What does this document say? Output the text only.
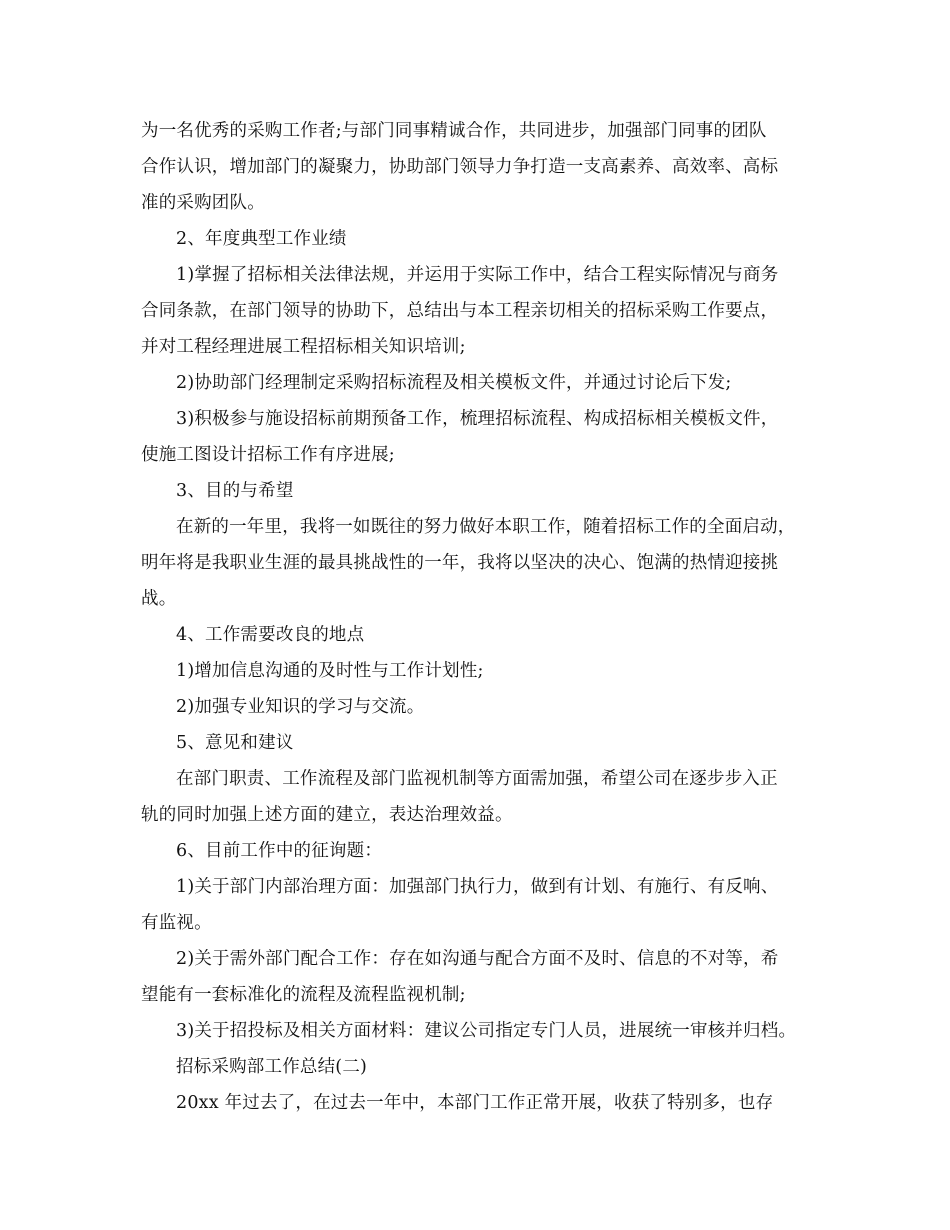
为一名优秀的采购工作者;与部门同事精诚合作，共同进步，加强部门同事的团队
合作认识，增加部门的凝聚力，协助部门领导力争打造一支高素养、高效率、高标
准的采购团队。
2、年度典型工作业绩
1)掌握了招标相关法律法规，并运用于实际工作中，结合工程实际情况与商务
合同条款，在部门领导的协助下，总结出与本工程亲切相关的招标采购工作要点，
并对工程经理进展工程招标相关知识培训;
2)协助部门经理制定采购招标流程及相关模板文件，并通过讨论后下发;
3)积极参与施设招标前期预备工作，梳理招标流程、构成招标相关模板文件，
使施工图设计招标工作有序进展;
3、目的与希望
在新的一年里，我将一如既往的努力做好本职工作，随着招标工作的全面启动，
明年将是我职业生涯的最具挑战性的一年，我将以坚决的决心、饱满的热情迎接挑
战。
4、工作需要改良的地点
1)增加信息沟通的及时性与工作计划性;
2)加强专业知识的学习与交流。
5、意见和建议
在部门职责、工作流程及部门监视机制等方面需加强，希望公司在逐步步入正
轨的同时加强上述方面的建立，表达治理效益。
6、目前工作中的征询题：
1)关于部门内部治理方面：加强部门执行力，做到有计划、有施行、有反响、
有监视。
2)关于需外部门配合工作：存在如沟通与配合方面不及时、信息的不对等，希
望能有一套标准化的流程及流程监视机制;
3)关于招投标及相关方面材料：建议公司指定专门人员，进展统一审核并归档。
招标采购部工作总结(二)
20xx 年过去了，在过去一年中，本部门工作正常开展，收获了特别多，也存
